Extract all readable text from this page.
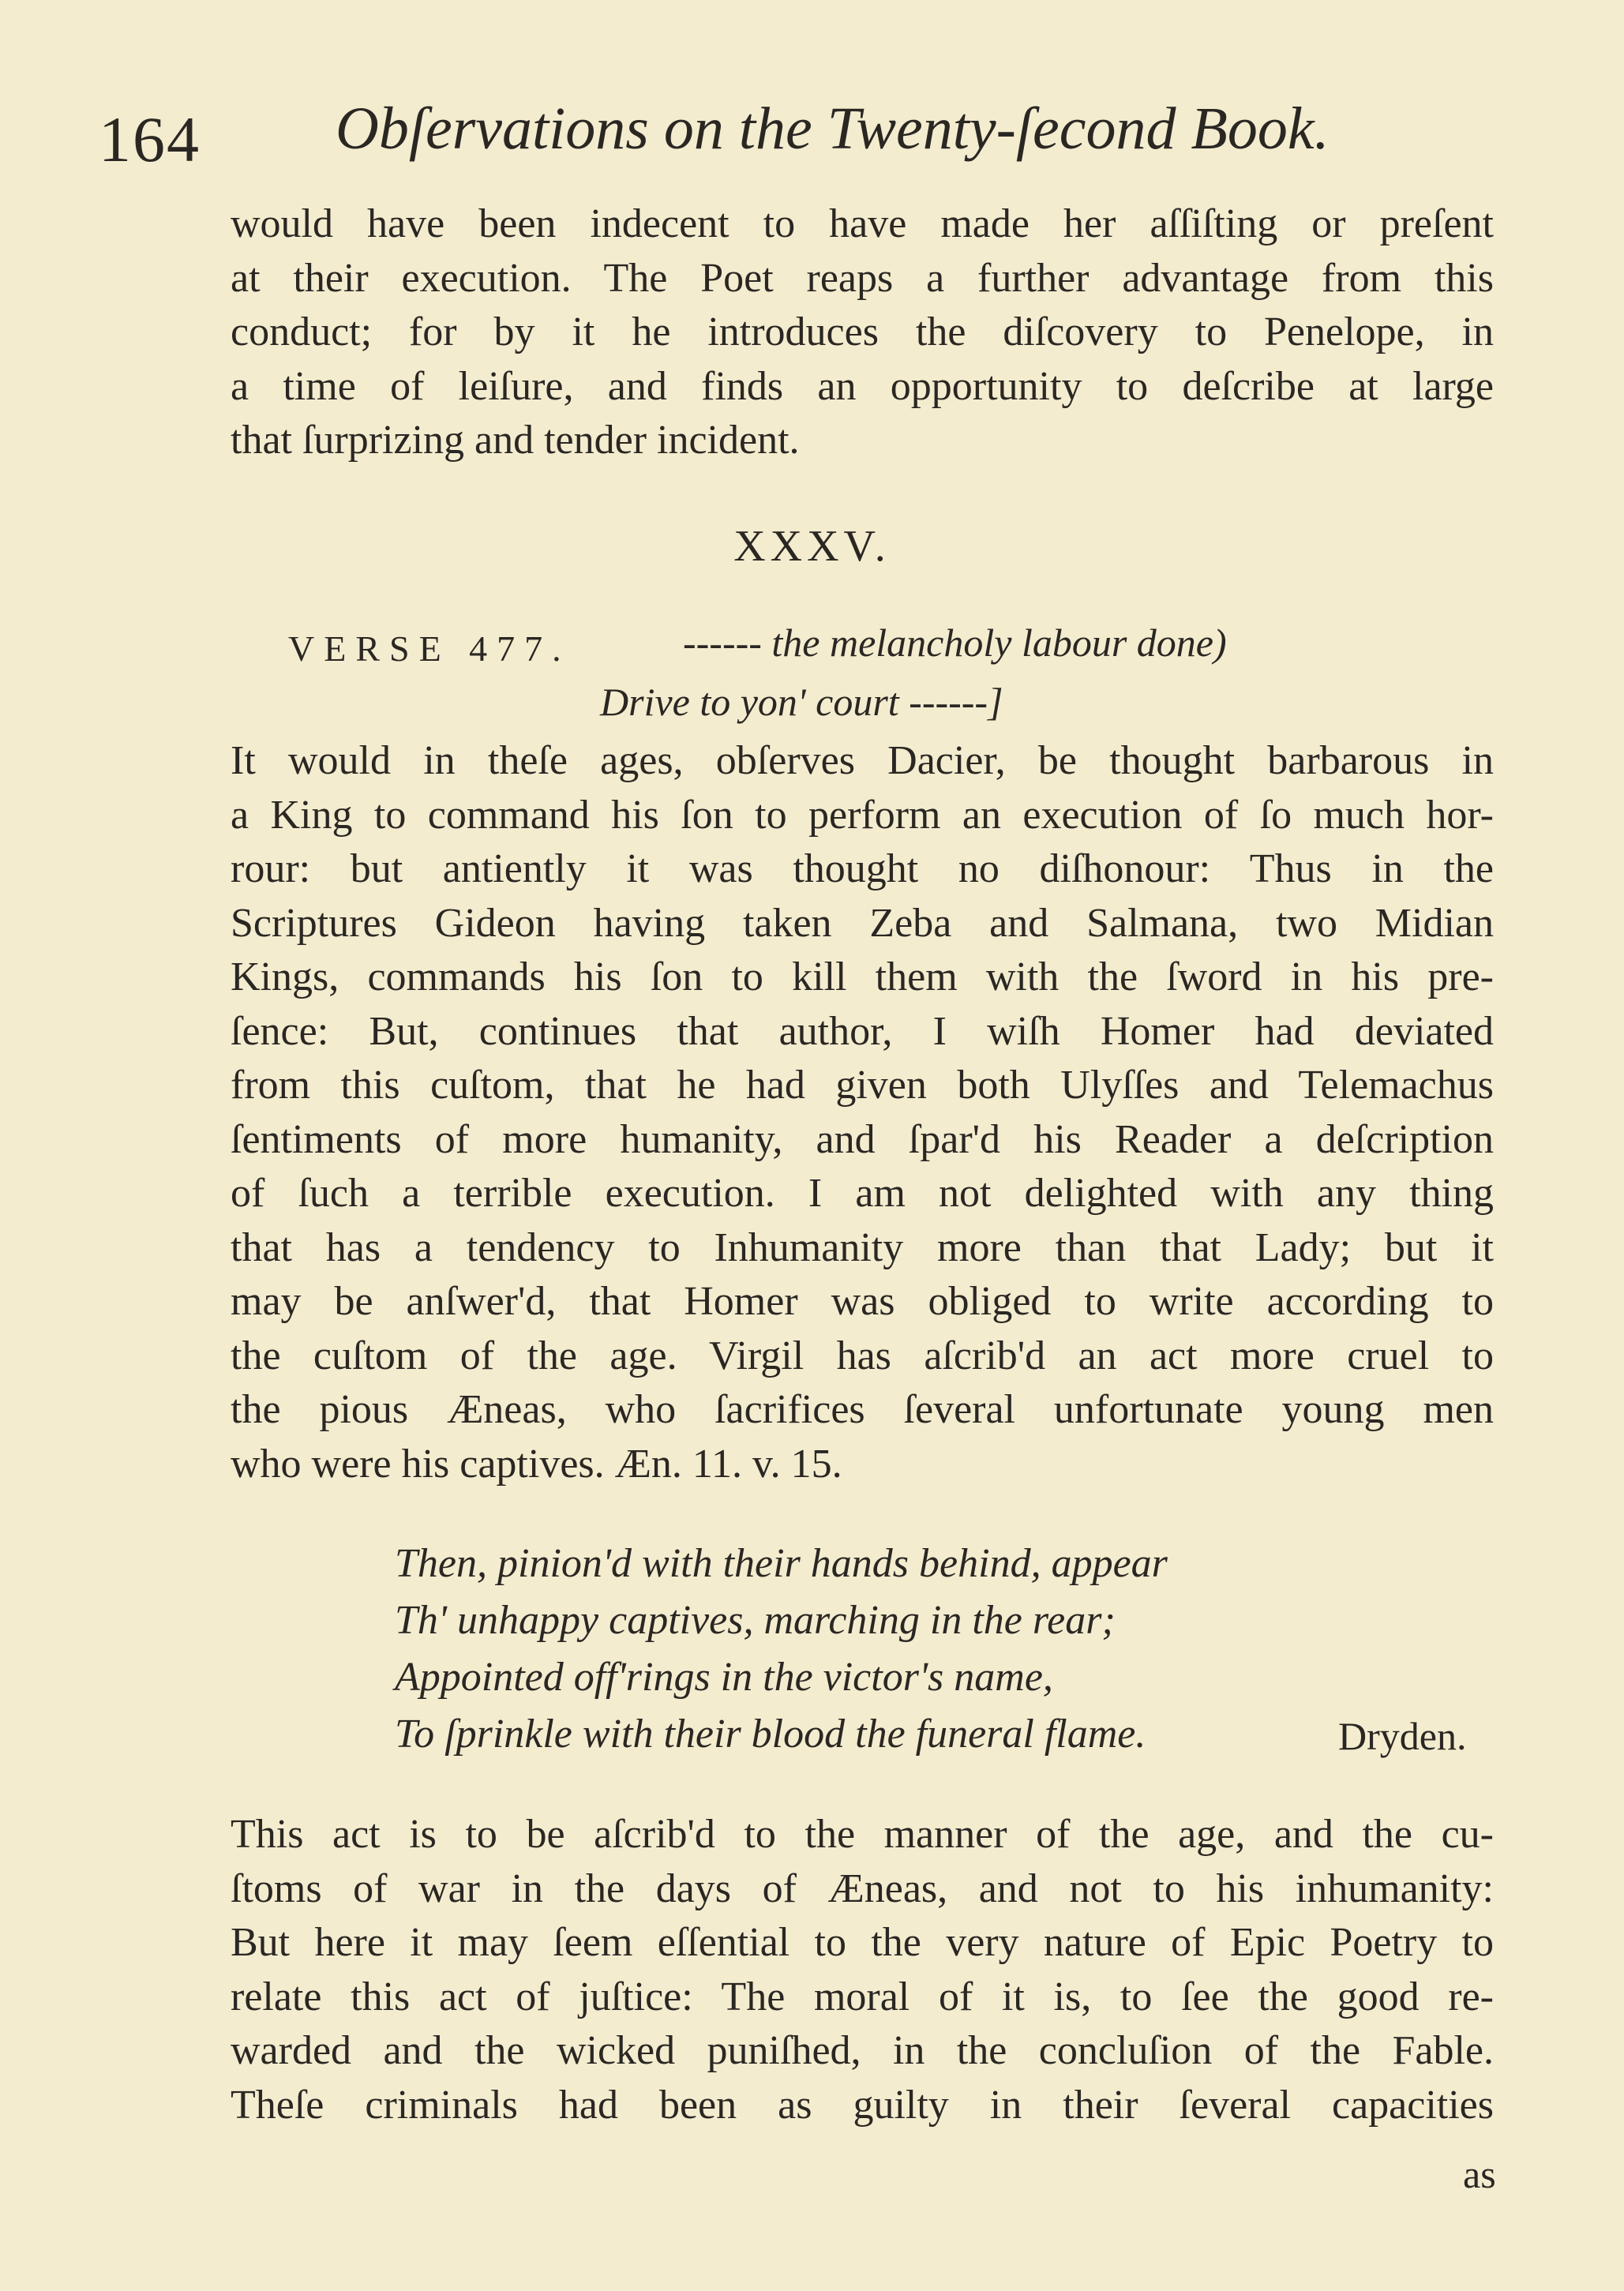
164 Obſervations on the Twenty-ſecond Book.
would have been indecent to have made her aſſiſting or preſent
at their execution. The Poet reaps a further advantage from this
conduct; for by it he introduces the diſcovery to Penelope, in
a time of leiſure, and finds an opportunity to deſcribe at large
that ſurprizing and tender incident.
XXXV.
VERSE 477.	------ the melancholy labour done)
Drive to yon' court ------]
It would in theſe ages, obſerves Dacier, be thought barbarous in
a King to command his ſon to perform an execution of ſo much hor-
rour: but antiently it was thought no diſhonour: Thus in the
Scriptures Gideon having taken Zeba and Salmana, two Midian
Kings, commands his ſon to kill them with the ſword in his pre-
ſence: But, continues that author, I wiſh Homer had deviated
from this cuſtom, that he had given both Ulyſſes and Telemachus
ſentiments of more humanity, and ſpar'd his Reader a deſcription
of ſuch a terrible execution. I am not delighted with any thing
that has a tendency to Inhumanity more than that Lady; but it
may be anſwer'd, that Homer was obliged to write according to
the cuſtom of the age. Virgil has aſcrib'd an act more cruel to
the pious Æneas, who ſacrifices ſeveral unfortunate young men
who were his captives. Æn. 11. v. 15.
Then, pinion'd with their hands behind, appear
Th' unhappy captives, marching in the rear;
Appointed off'rings in the victor's name,
To ſprinkle with their blood the funeral flame.	Dryden.
This act is to be aſcrib'd to the manner of the age, and the cu-
ſtoms of war in the days of Æneas, and not to his inhumanity:
But here it may ſeem eſſential to the very nature of Epic Poetry to
relate this act of juſtice: The moral of it is, to ſee the good re-
warded and the wicked puniſhed, in the concluſion of the Fable.
Theſe criminals had been as guilty in their ſeveral capacities
as
